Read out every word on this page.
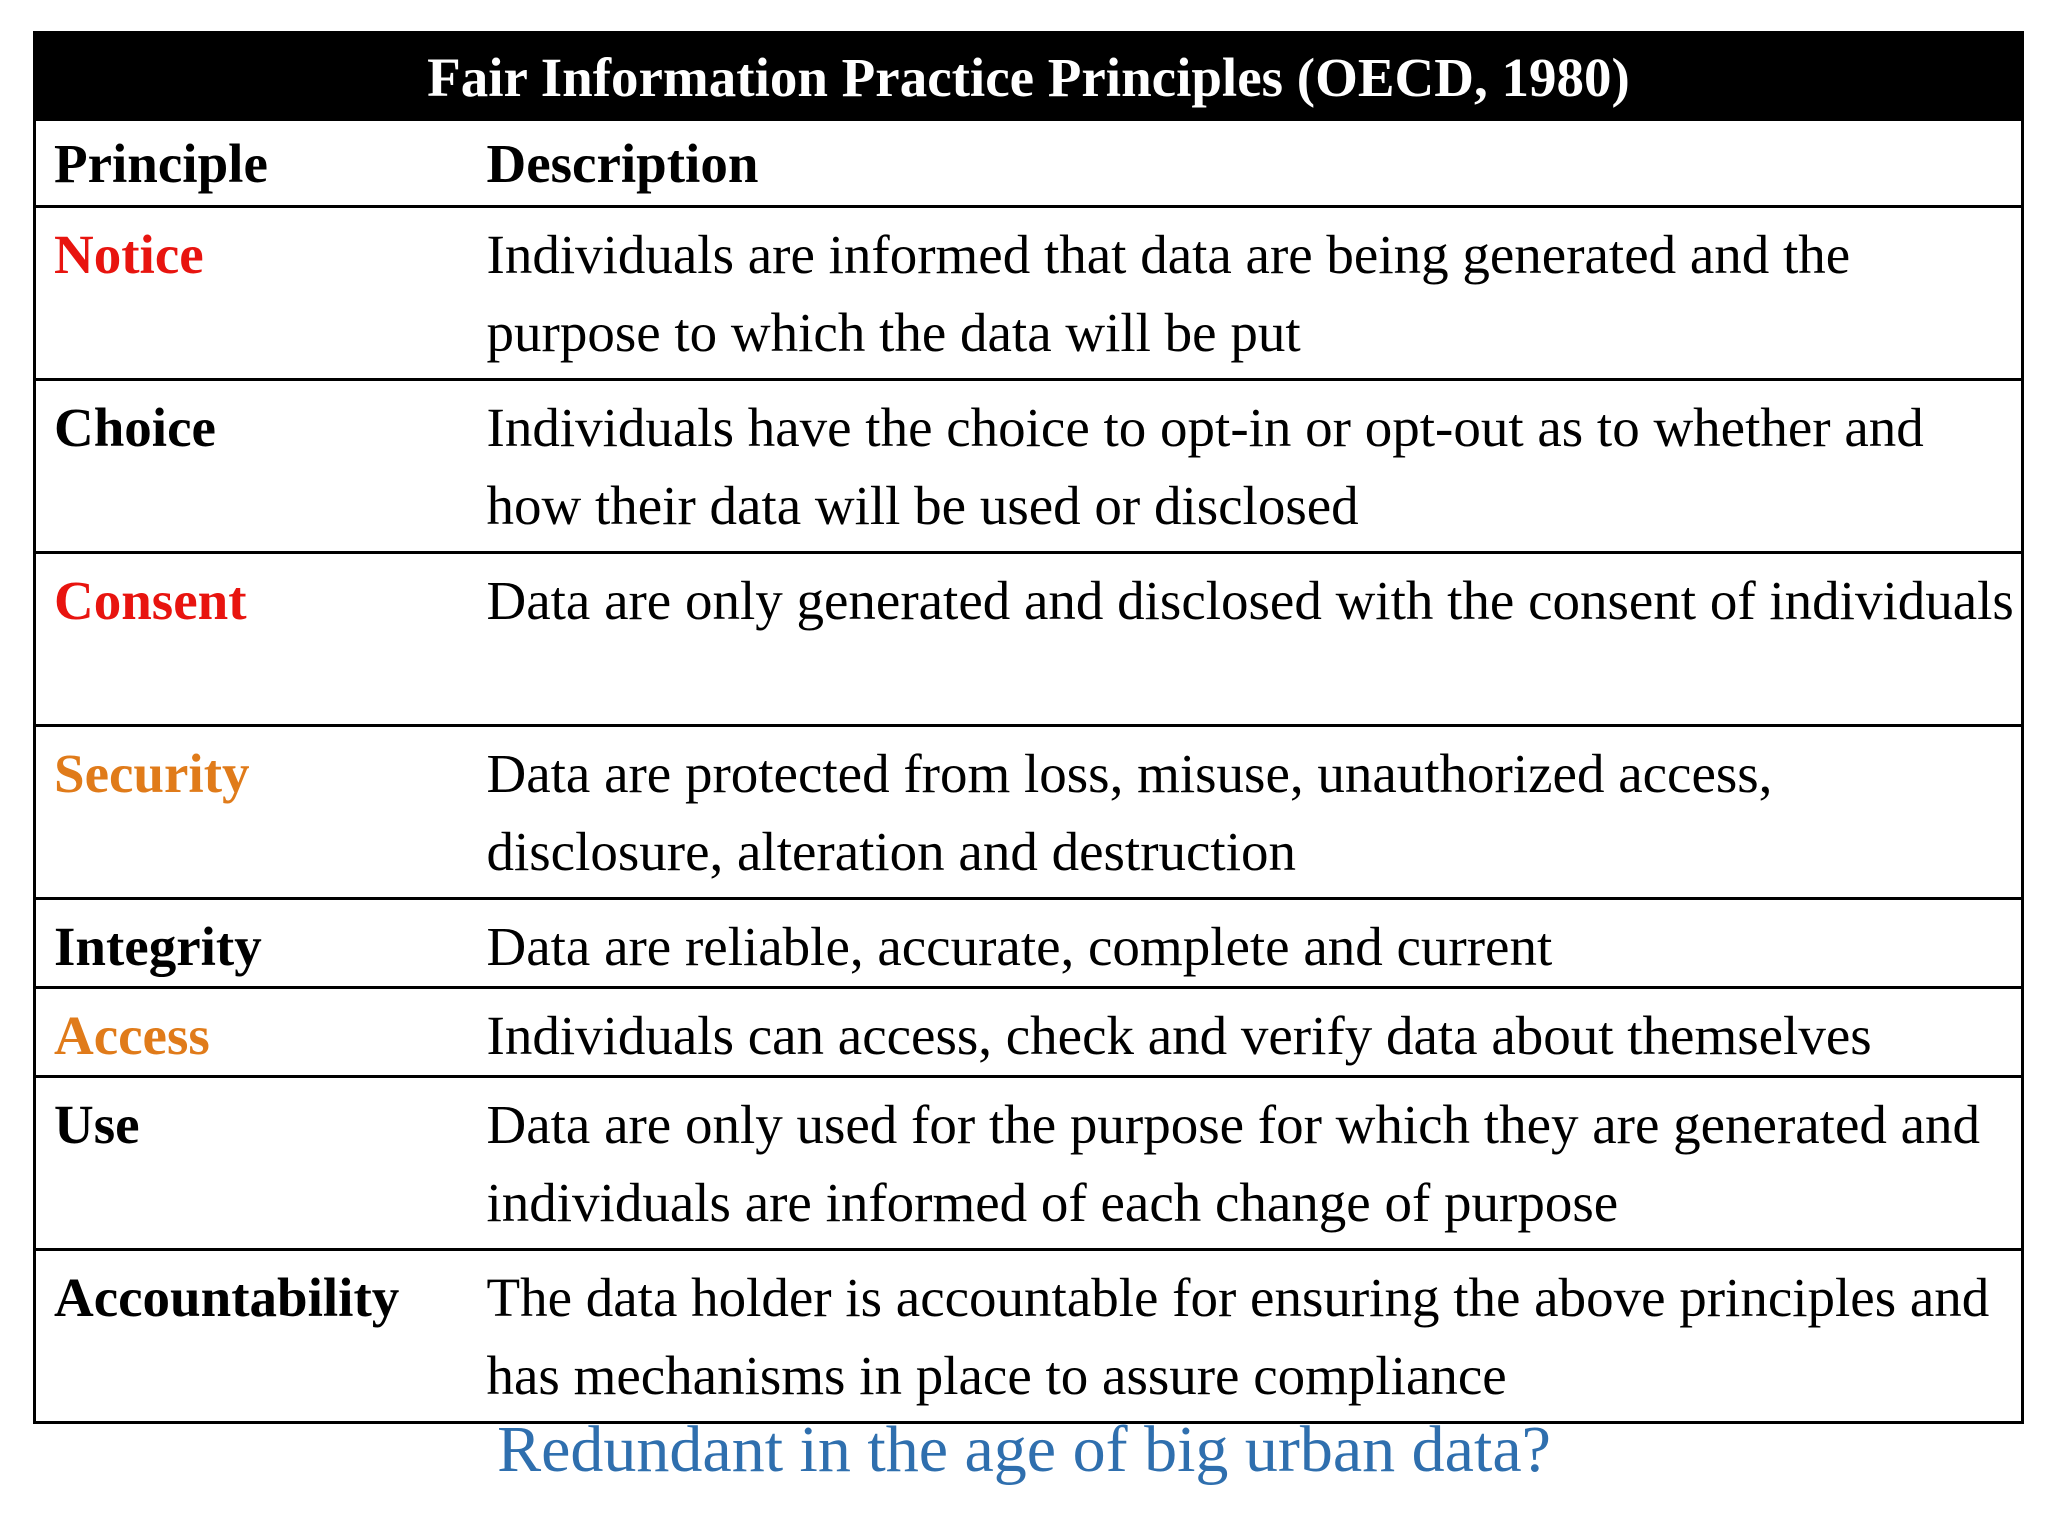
Fair Information Practice Principles (OECD, 1980)	
Principle	Description
Notice	Individuals are informed that data are being generated and the purpose to which the data will be put
Choice	Individuals have the choice to opt-in or opt-out as to whether and how their data will be used or disclosed
Consent	Data are only generated and disclosed with the consent of individuals
Security	Data are protected from loss, misuse, unauthorized access, disclosure, alteration and destruction
Integrity	Data are reliable, accurate, complete and current
Access	Individuals can access, check and verify data about themselves
Use	Data are only used for the purpose for which they are generated and individuals are informed of each change of purpose
Accountability	The data holder is accountable for ensuring the above principles and has mechanisms in place to assure compliance

Redundant in the age of big urban data?
